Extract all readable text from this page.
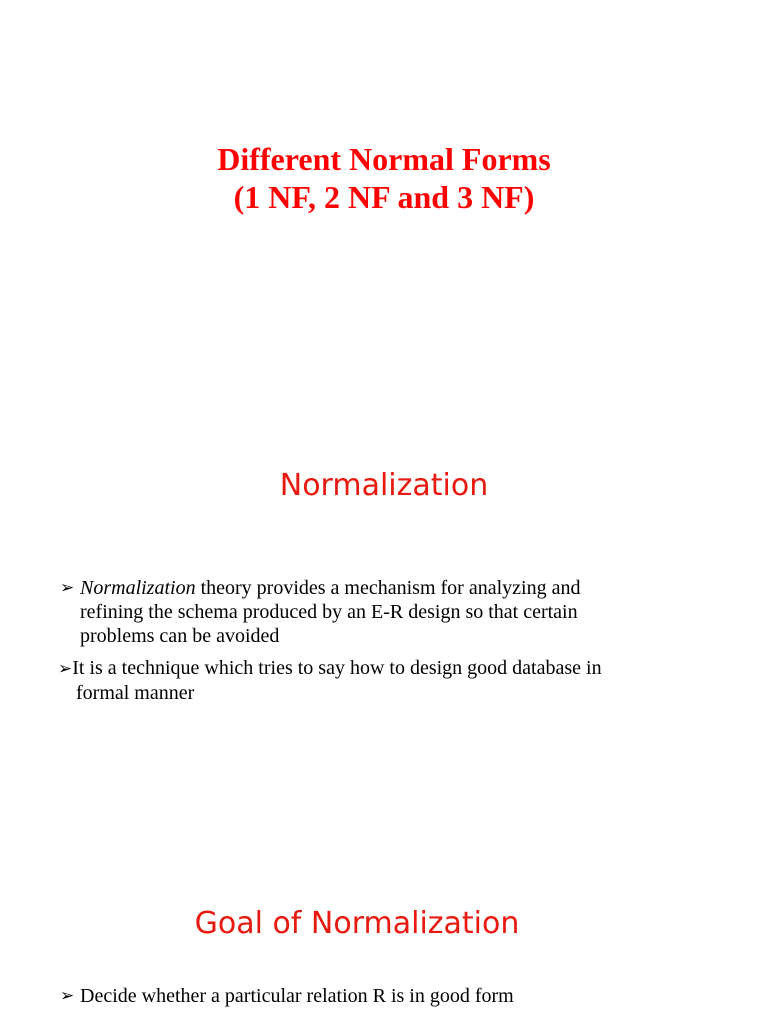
Different Normal Forms
(1 NF, 2 NF and 3 NF)
Normalization
➢ Normalization theory provides a mechanism for analyzing and
refining the schema produced by an E-R design so that certain
problems can be avoided
➢It is a technique which tries to say how to design good database in
formal manner
Goal of Normalization
➢ Decide whether a particular relation R is in good form
